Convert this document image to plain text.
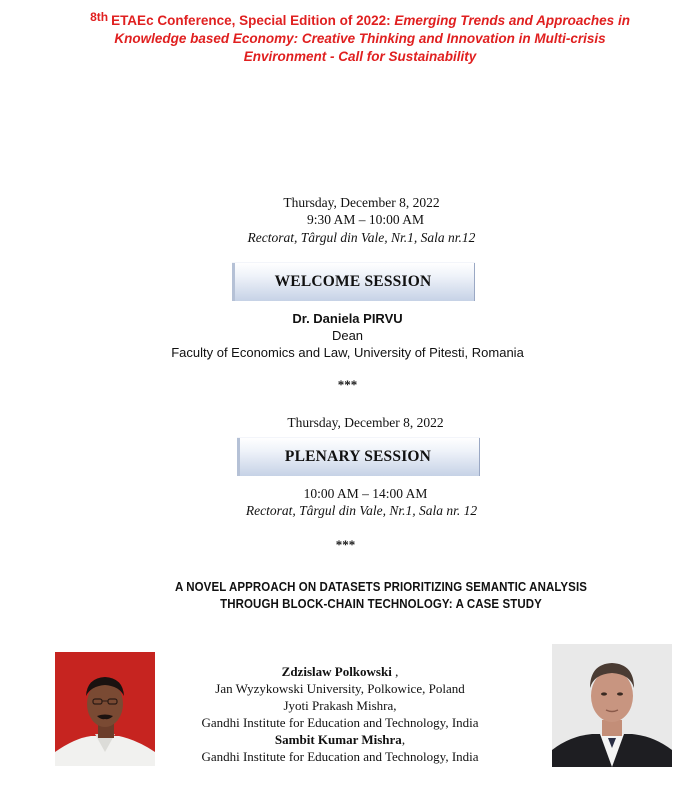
8th ETAEc Conference, Special Edition of 2022: Emerging Trends and Approaches in
Knowledge based Economy: Creative Thinking and Innovation in Multi-crisis
Environment - Call for Sustainability
Thursday, December 8, 2022
9:30 AM – 10:00 AM
Rectorat, Târgul din Vale, Nr.1, Sala nr.12
WELCOME SESSION
Dr. Daniela PIRVU
Dean
Faculty of Economics and Law, University of Pitesti, Romania
***
Thursday, December 8, 2022
PLENARY SESSION
10:00 AM – 14:00 AM
Rectorat, Târgul din Vale, Nr.1, Sala nr. 12
***
A NOVEL APPROACH ON DATASETS PRIORITIZING SEMANTIC ANALYSIS
THROUGH BLOCK-CHAIN TECHNOLOGY: A CASE STUDY
Zdzislaw Polkowski ,
Jan Wyzykowski University, Polkowice, Poland
Jyoti Prakash Mishra,
Gandhi Institute for Education and Technology, India
Sambit Kumar Mishra,
Gandhi Institute for Education and Technology, India
